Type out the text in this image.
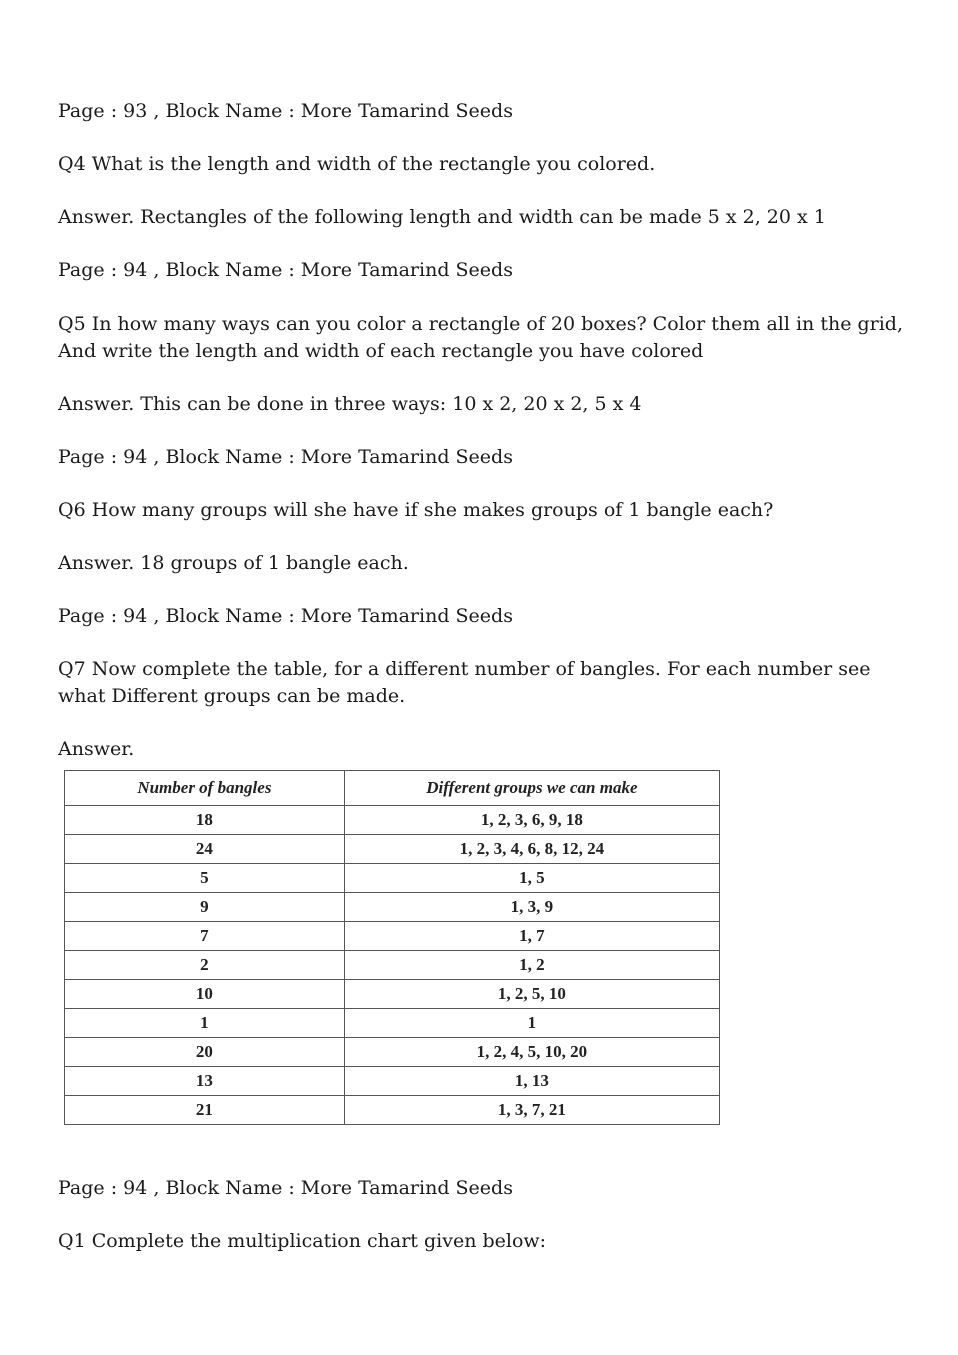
Page : 93 , Block Name : More Tamarind Seeds

Q4 What is the length and width of the rectangle you colored.

Answer. Rectangles of the following length and width can be made 5 x 2, 20 x 1

Page : 94 , Block Name : More Tamarind Seeds

Q5 In how many ways can you color a rectangle of 20 boxes? Color them all in the grid, And write the length and width of each rectangle you have colored

Answer. This can be done in three ways: 10 x 2, 20 x 2, 5 x 4

Page : 94 , Block Name : More Tamarind Seeds

Q6 How many groups will she have if she makes groups of 1 bangle each?

Answer. 18 groups of 1 bangle each.

Page : 94 , Block Name : More Tamarind Seeds

Q7 Now complete the table, for a different number of bangles. For each number see what Different groups can be made.

Answer.

Number of bangles	Different groups we can make
18	1, 2, 3, 6, 9, 18
24	1, 2, 3, 4, 6, 8, 12, 24
5	1, 5
9	1, 3, 9
7	1, 7
2	1, 2
10	1, 2, 5, 10
1	1
20	1, 2, 4, 5, 10, 20
13	1, 13
21	1, 3, 7, 21

Page : 94 , Block Name : More Tamarind Seeds

Q1 Complete the multiplication chart given below:
